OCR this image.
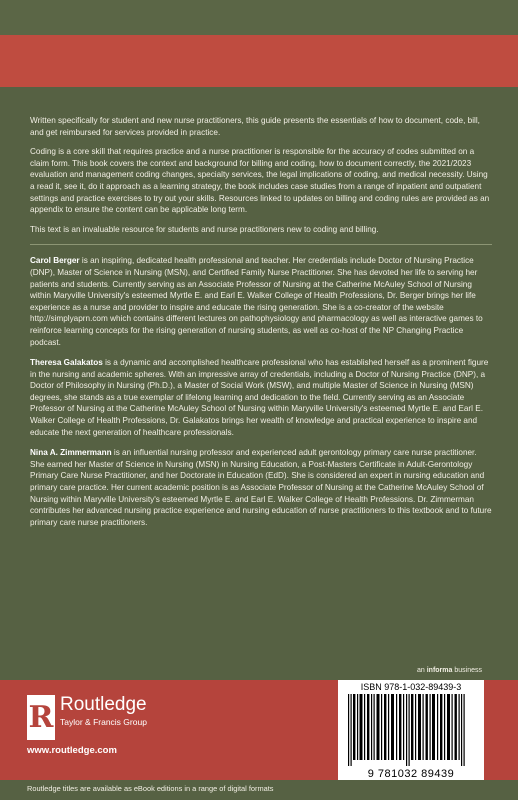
Written specifically for student and new nurse practitioners, this guide presents the essentials of how to document, code, bill, and get reimbursed for services provided in practice.

Coding is a core skill that requires practice and a nurse practitioner is responsible for the accuracy of codes submitted on a claim form. This book covers the context and background for billing and coding, how to document correctly, the 2021/2023 evaluation and management coding changes, specialty services, the legal implications of coding, and medical necessity. Using a read it, see it, do it approach as a learning strategy, the book includes case studies from a range of inpatient and outpatient settings and practice exercises to try out your skills. Resources linked to updates on billing and coding rules are provided as an appendix to ensure the content can be applicable long term.

This text is an invaluable resource for students and nurse practitioners new to coding and billing.

Carol Berger is an inspiring, dedicated health professional and teacher. Her credentials include Doctor of Nursing Practice (DNP), Master of Science in Nursing (MSN), and Certified Family Nurse Practitioner. She has devoted her life to serving her patients and students. Currently serving as an Associate Professor of Nursing at the Catherine McAuley School of Nursing within Maryville University's esteemed Myrtle E. and Earl E. Walker College of Health Professions, Dr. Berger brings her life experience as a nurse and provider to inspire and educate the rising generation. She is a co-creator of the website http://simplyaprn.com which contains different lectures on pathophysiology and pharmacology as well as interactive games to reinforce learning concepts for the rising generation of nursing students, as well as co-host of the NP Changing Practice podcast.

Theresa Galakatos is a dynamic and accomplished healthcare professional who has established herself as a prominent figure in the nursing and academic spheres. With an impressive array of credentials, including a Doctor of Nursing Practice (DNP), a Doctor of Philosophy in Nursing (Ph.D.), a Master of Social Work (MSW), and multiple Master of Science in Nursing (MSN) degrees, she stands as a true exemplar of lifelong learning and dedication to the field. Currently serving as an Associate Professor of Nursing at the Catherine McAuley School of Nursing within Maryville University's esteemed Myrtle E. and Earl E. Walker College of Health Professions, Dr. Galakatos brings her wealth of knowledge and practical experience to inspire and educate the next generation of healthcare professionals.

Nina A. Zimmermann is an influential nursing professor and experienced adult gerontology primary care nurse practitioner. She earned her Master of Science in Nursing (MSN) in Nursing Education, a Post-Masters Certificate in Adult-Gerontology Primary Care Nurse Practitioner, and her Doctorate in Education (EdD). She is considered an expert in nursing education and primary care practice. Her current academic position is as Associate Professor of Nursing at the Catherine McAuley School of Nursing within Maryville University's esteemed Myrtle E. and Earl E. Walker College of Health Professions. Dr. Zimmerman contributes her advanced nursing practice experience and nursing education of nurse practitioners to this textbook and to future primary care nurse practitioners.

an informa business
R Routledge
Taylor & Francis Group
www.routledge.com
ISBN 978-1-032-89439-3
9 781032 89439
Routledge titles are available as eBook editions in a range of digital formats
